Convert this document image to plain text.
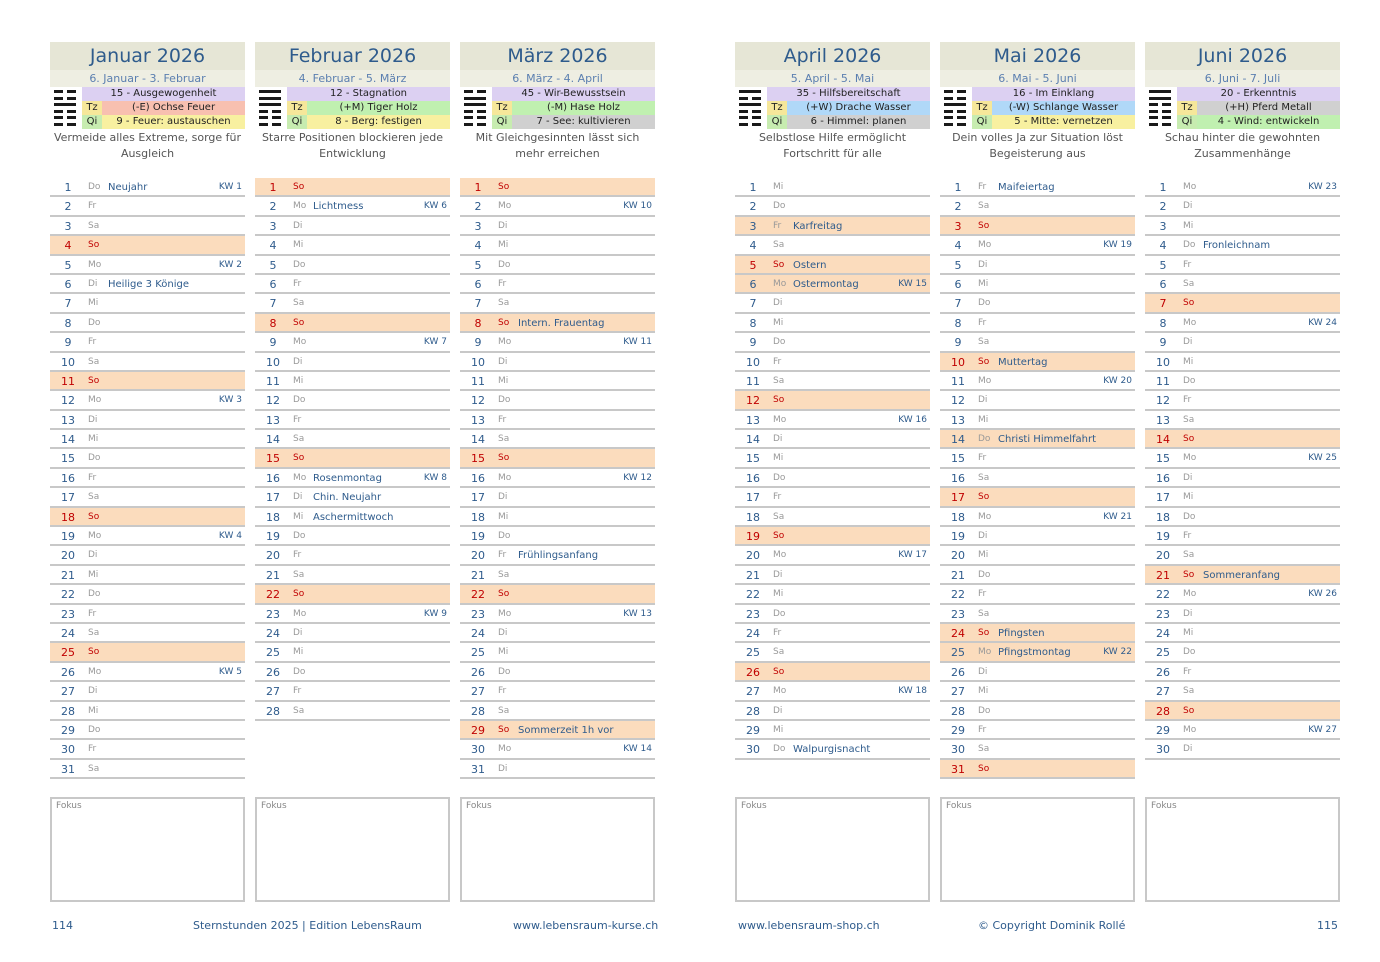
Januar 2026
6. Januar - 3. Februar
15 - Ausgewogenheit
Tz	(-E) Ochse Feuer
Qi	9 - Feuer: austauschen
Vermeide alles Extreme, sorge für Ausgleich
1	Do Neujahr	KW 1
2	Fr
3	Sa
4	So
5	Mo	KW 2
6	Di Heilige 3 Könige
7	Mi
8	Do
9	Fr
10	Sa
11	So
12	Mo	KW 3
13	Di
14	Mi
15	Do
16	Fr
17	Sa
18	So
19	Mo	KW 4
20	Di
21	Mi
22	Do
23	Fr
24	Sa
25	So
26	Mo	KW 5
27	Di
28	Mi
29	Do
30	Fr
31	Sa
Fokus
Februar 2026
4. Februar - 5. März
12 - Stagnation
Tz	(+M) Tiger Holz
Qi	8 - Berg: festigen
Starre Positionen blockieren jede Entwicklung
1	So
2	Mo Lichtmess	KW 6
3	Di
4	Mi
5	Do
6	Fr
7	Sa
8	So
9	Mo	KW 7
10	Di
11	Mi
12	Do
13	Fr
14	Sa
15	So
16	Mo Rosenmontag	KW 8
17	Di Chin. Neujahr
18	Mi Aschermittwoch
19	Do
20	Fr
21	Sa
22	So
23	Mo	KW 9
24	Di
25	Mi
26	Do
27	Fr
28	Sa
Fokus
März 2026
6. März - 4. April
45 - Wir-Bewusstsein
Tz	(-M) Hase Holz
Qi	7 - See: kultivieren
Mit Gleichgesinnten lässt sich mehr erreichen
1	So
2	Mo	KW 10
3	Di
4	Mi
5	Do
6	Fr
7	Sa
8	So Intern. Frauentag
9	Mo	KW 11
10	Di
11	Mi
12	Do
13	Fr
14	Sa
15	So
16	Mo	KW 12
17	Di
18	Mi
19	Do
20	Fr Frühlingsanfang
21	Sa
22	So
23	Mo	KW 13
24	Di
25	Mi
26	Do
27	Fr
28	Sa
29	So Sommerzeit 1h vor
30	Mo	KW 14
31	Di
Fokus
April 2026
5. April - 5. Mai
35 - Hilfsbereitschaft
Tz	(+W) Drache Wasser
Qi	6 - Himmel: planen
Selbstlose Hilfe ermöglicht Fortschritt für alle
1	Mi
2	Do
3	Fr Karfreitag
4	Sa
5	So Ostern
6	Mo Ostermontag	KW 15
7	Di
8	Mi
9	Do
10	Fr
11	Sa
12	So
13	Mo	KW 16
14	Di
15	Mi
16	Do
17	Fr
18	Sa
19	So
20	Mo	KW 17
21	Di
22	Mi
23	Do
24	Fr
25	Sa
26	So
27	Mo	KW 18
28	Di
29	Mi
30	Do Walpurgisnacht
Fokus
Mai 2026
6. Mai - 5. Juni
16 - Im Einklang
Tz	(-W) Schlange Wasser
Qi	5 - Mitte: vernetzen
Dein volles Ja zur Situation löst Begeisterung aus
1	Fr Maifeiertag
2	Sa
3	So
4	Mo	KW 19
5	Di
6	Mi
7	Do
8	Fr
9	Sa
10	So Muttertag
11	Mo	KW 20
12	Di
13	Mi
14	Do Christi Himmelfahrt
15	Fr
16	Sa
17	So
18	Mo	KW 21
19	Di
20	Mi
21	Do
22	Fr
23	Sa
24	So Pfingsten
25	Mo Pfingstmontag	KW 22
26	Di
27	Mi
28	Do
29	Fr
30	Sa
31	So
Fokus
Juni 2026
6. Juni - 7. Juli
20 - Erkenntnis
Tz	(+H) Pferd Metall
Qi	4 - Wind: entwickeln
Schau hinter die gewohnten Zusammenhänge
1	Mo	KW 23
2	Di
3	Mi
4	Do Fronleichnam
5	Fr
6	Sa
7	So
8	Mo	KW 24
9	Di
10	Mi
11	Do
12	Fr
13	Sa
14	So
15	Mo	KW 25
16	Di
17	Mi
18	Do
19	Fr
20	Sa
21	So Sommeranfang
22	Mo	KW 26
23	Di
24	Mi
25	Do
26	Fr
27	Sa
28	So
29	Mo	KW 27
30	Di
Fokus
114	Sternstunden 2025 | Edition LebensRaum	www.lebensraum-kurse.ch	www.lebensraum-shop.ch	© Copyright Dominik Rollé	115
